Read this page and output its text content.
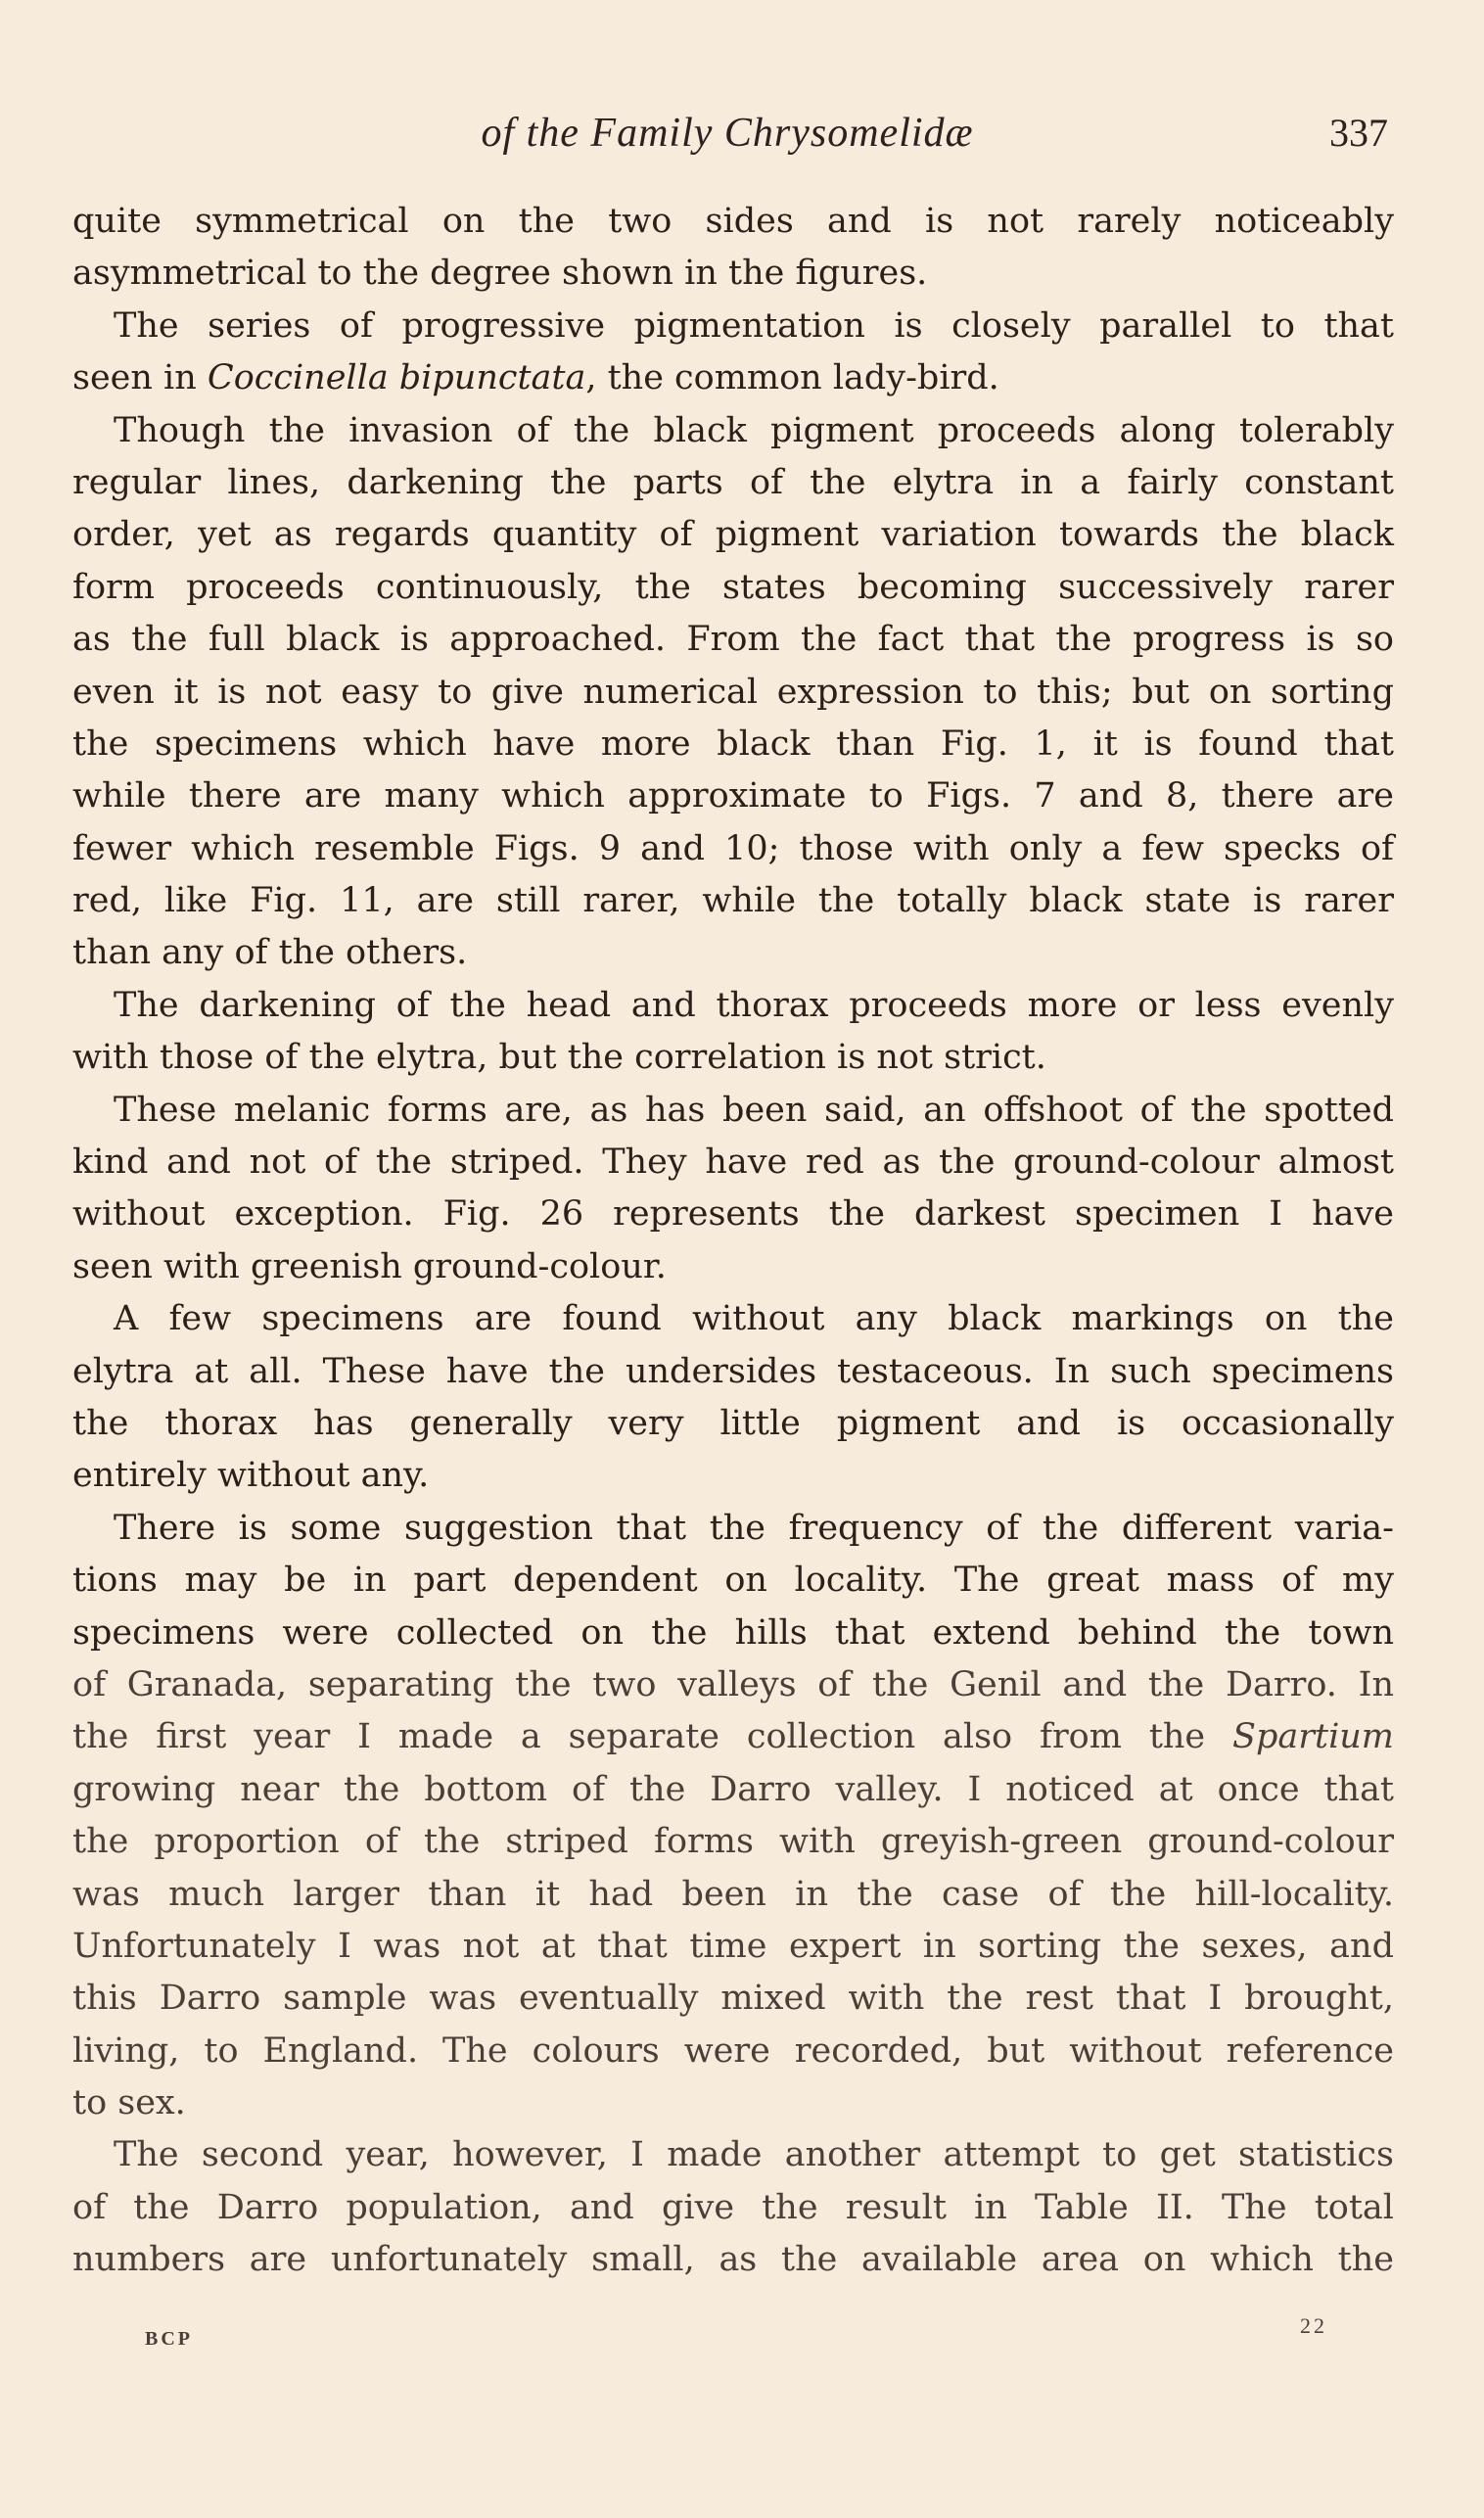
of the Family Chrysomelidæ	337
quite symmetrical on the two sides and is not rarely noticeably
asymmetrical to the degree shown in the figures.
The series of progressive pigmentation is closely parallel to that
seen in Coccinella bipunctata, the common lady-bird.
Though the invasion of the black pigment proceeds along tolerably
regular lines, darkening the parts of the elytra in a fairly constant
order, yet as regards quantity of pigment variation towards the black
form proceeds continuously, the states becoming successively rarer
as the full black is approached. From the fact that the progress is so
even it is not easy to give numerical expression to this; but on sorting
the specimens which have more black than Fig. 1, it is found that
while there are many which approximate to Figs. 7 and 8, there are
fewer which resemble Figs. 9 and 10; those with only a few specks of
red, like Fig. 11, are still rarer, while the totally black state is rarer
than any of the others.
The darkening of the head and thorax proceeds more or less evenly
with those of the elytra, but the correlation is not strict.
These melanic forms are, as has been said, an offshoot of the spotted
kind and not of the striped. They have red as the ground-colour almost
without exception. Fig. 26 represents the darkest specimen I have
seen with greenish ground-colour.
A few specimens are found without any black markings on the
elytra at all. These have the undersides testaceous. In such specimens
the thorax has generally very little pigment and is occasionally
entirely without any.
There is some suggestion that the frequency of the different varia-
tions may be in part dependent on locality. The great mass of my
specimens were collected on the hills that extend behind the town
of Granada, separating the two valleys of the Genil and the Darro. In
the first year I made a separate collection also from the Spartium
growing near the bottom of the Darro valley. I noticed at once that
the proportion of the striped forms with greyish-green ground-colour
was much larger than it had been in the case of the hill-locality.
Unfortunately I was not at that time expert in sorting the sexes, and
this Darro sample was eventually mixed with the rest that I brought,
living, to England. The colours were recorded, but without reference
to sex.
The second year, however, I made another attempt to get statistics
of the Darro population, and give the result in Table II. The total
numbers are unfortunately small, as the available area on which the
BCP
22
